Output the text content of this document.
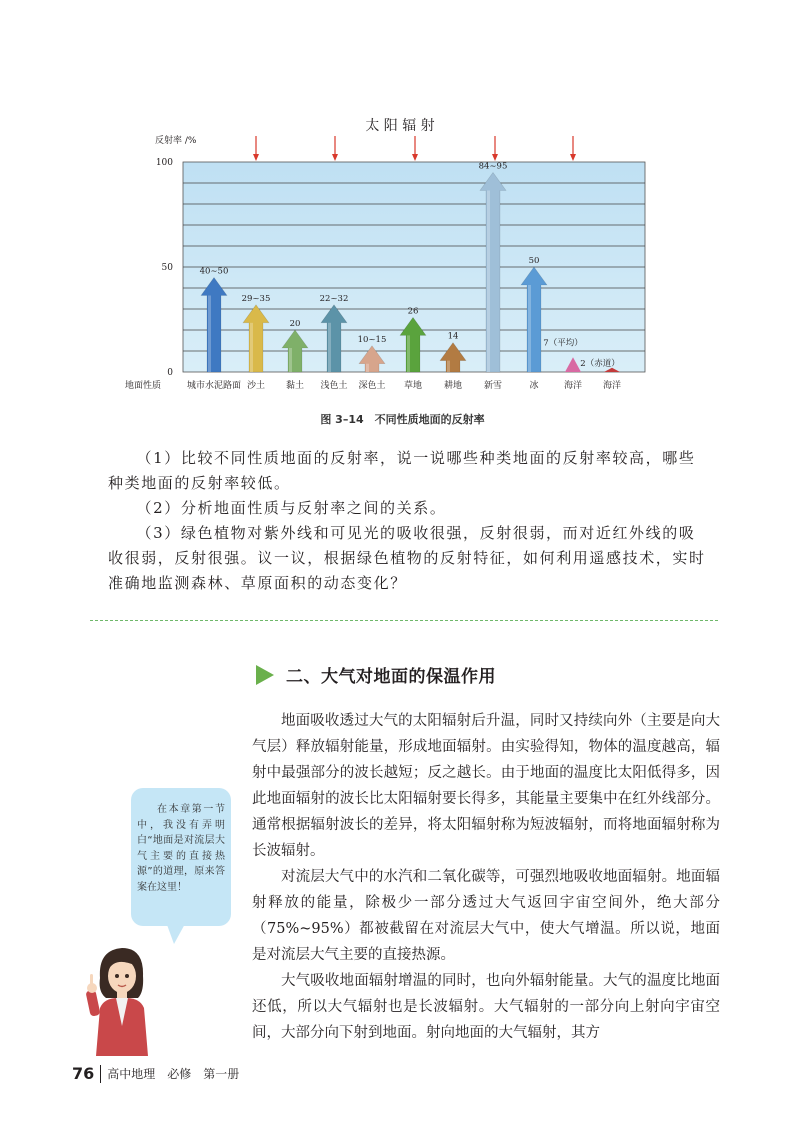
太 阳 辐 射
反射率 /%
地面性质
0
50
100
40~50
29~35
20
22~32
10~15
26
14
84~95
50
7（平均）
2（赤道）
城市水泥路面 沙土 黏土 浅色土 深色土 草地 耕地 新雪	冰	海洋 海洋
图 3–14　不同性质地面的反射率

（1）比较不同性质地面的反射率，说一说哪些种类地面的反射率较高，哪些种类地面的反射率较低。

（2）分析地面性质与反射率之间的关系。

（3）绿色植物对紫外线和可见光的吸收很强，反射很弱，而对近红外线的吸收很弱，反射很强。议一议，根据绿色植物的反射特征，如何利用遥感技术，实时准确地监测森林、草原面积的动态变化？

二、大气对地面的保温作用

地面吸收透过大气的太阳辐射后升温，同时又持续向外（主要是向大气层）释放辐射能量，形成地面辐射。由实验得知，物体的温度越高，辐射中最强部分的波长越短；反之越长。由于地面的温度比太阳低得多，因此地面辐射的波长比太阳辐射要长得多，其能量主要集中在红外线部分。通常根据辐射波长的差异，将太阳辐射称为短波辐射，而将地面辐射称为长波辐射。

对流层大气中的水汽和二氧化碳等，可强烈地吸收地面辐射。地面辐射释放的能量，除极少一部分透过大气返回宇宙空间外，绝大部分（75%~95%）都被截留在对流层大气中，使大气增温。所以说，地面是对流层大气主要的直接热源。

大气吸收地面辐射增温的同时，也向外辐射能量。大气的温度比地面还低，所以大气辐射也是长波辐射。大气辐射的一部分向上射向宇宙空间，大部分向下射到地面。射向地面的大气辐射，其方

在本章第一节中，我没有弄明白“地面是对流层大气主要的直接热源”的道理，原来答案在这里！
76 高中地理　必修　第一册
